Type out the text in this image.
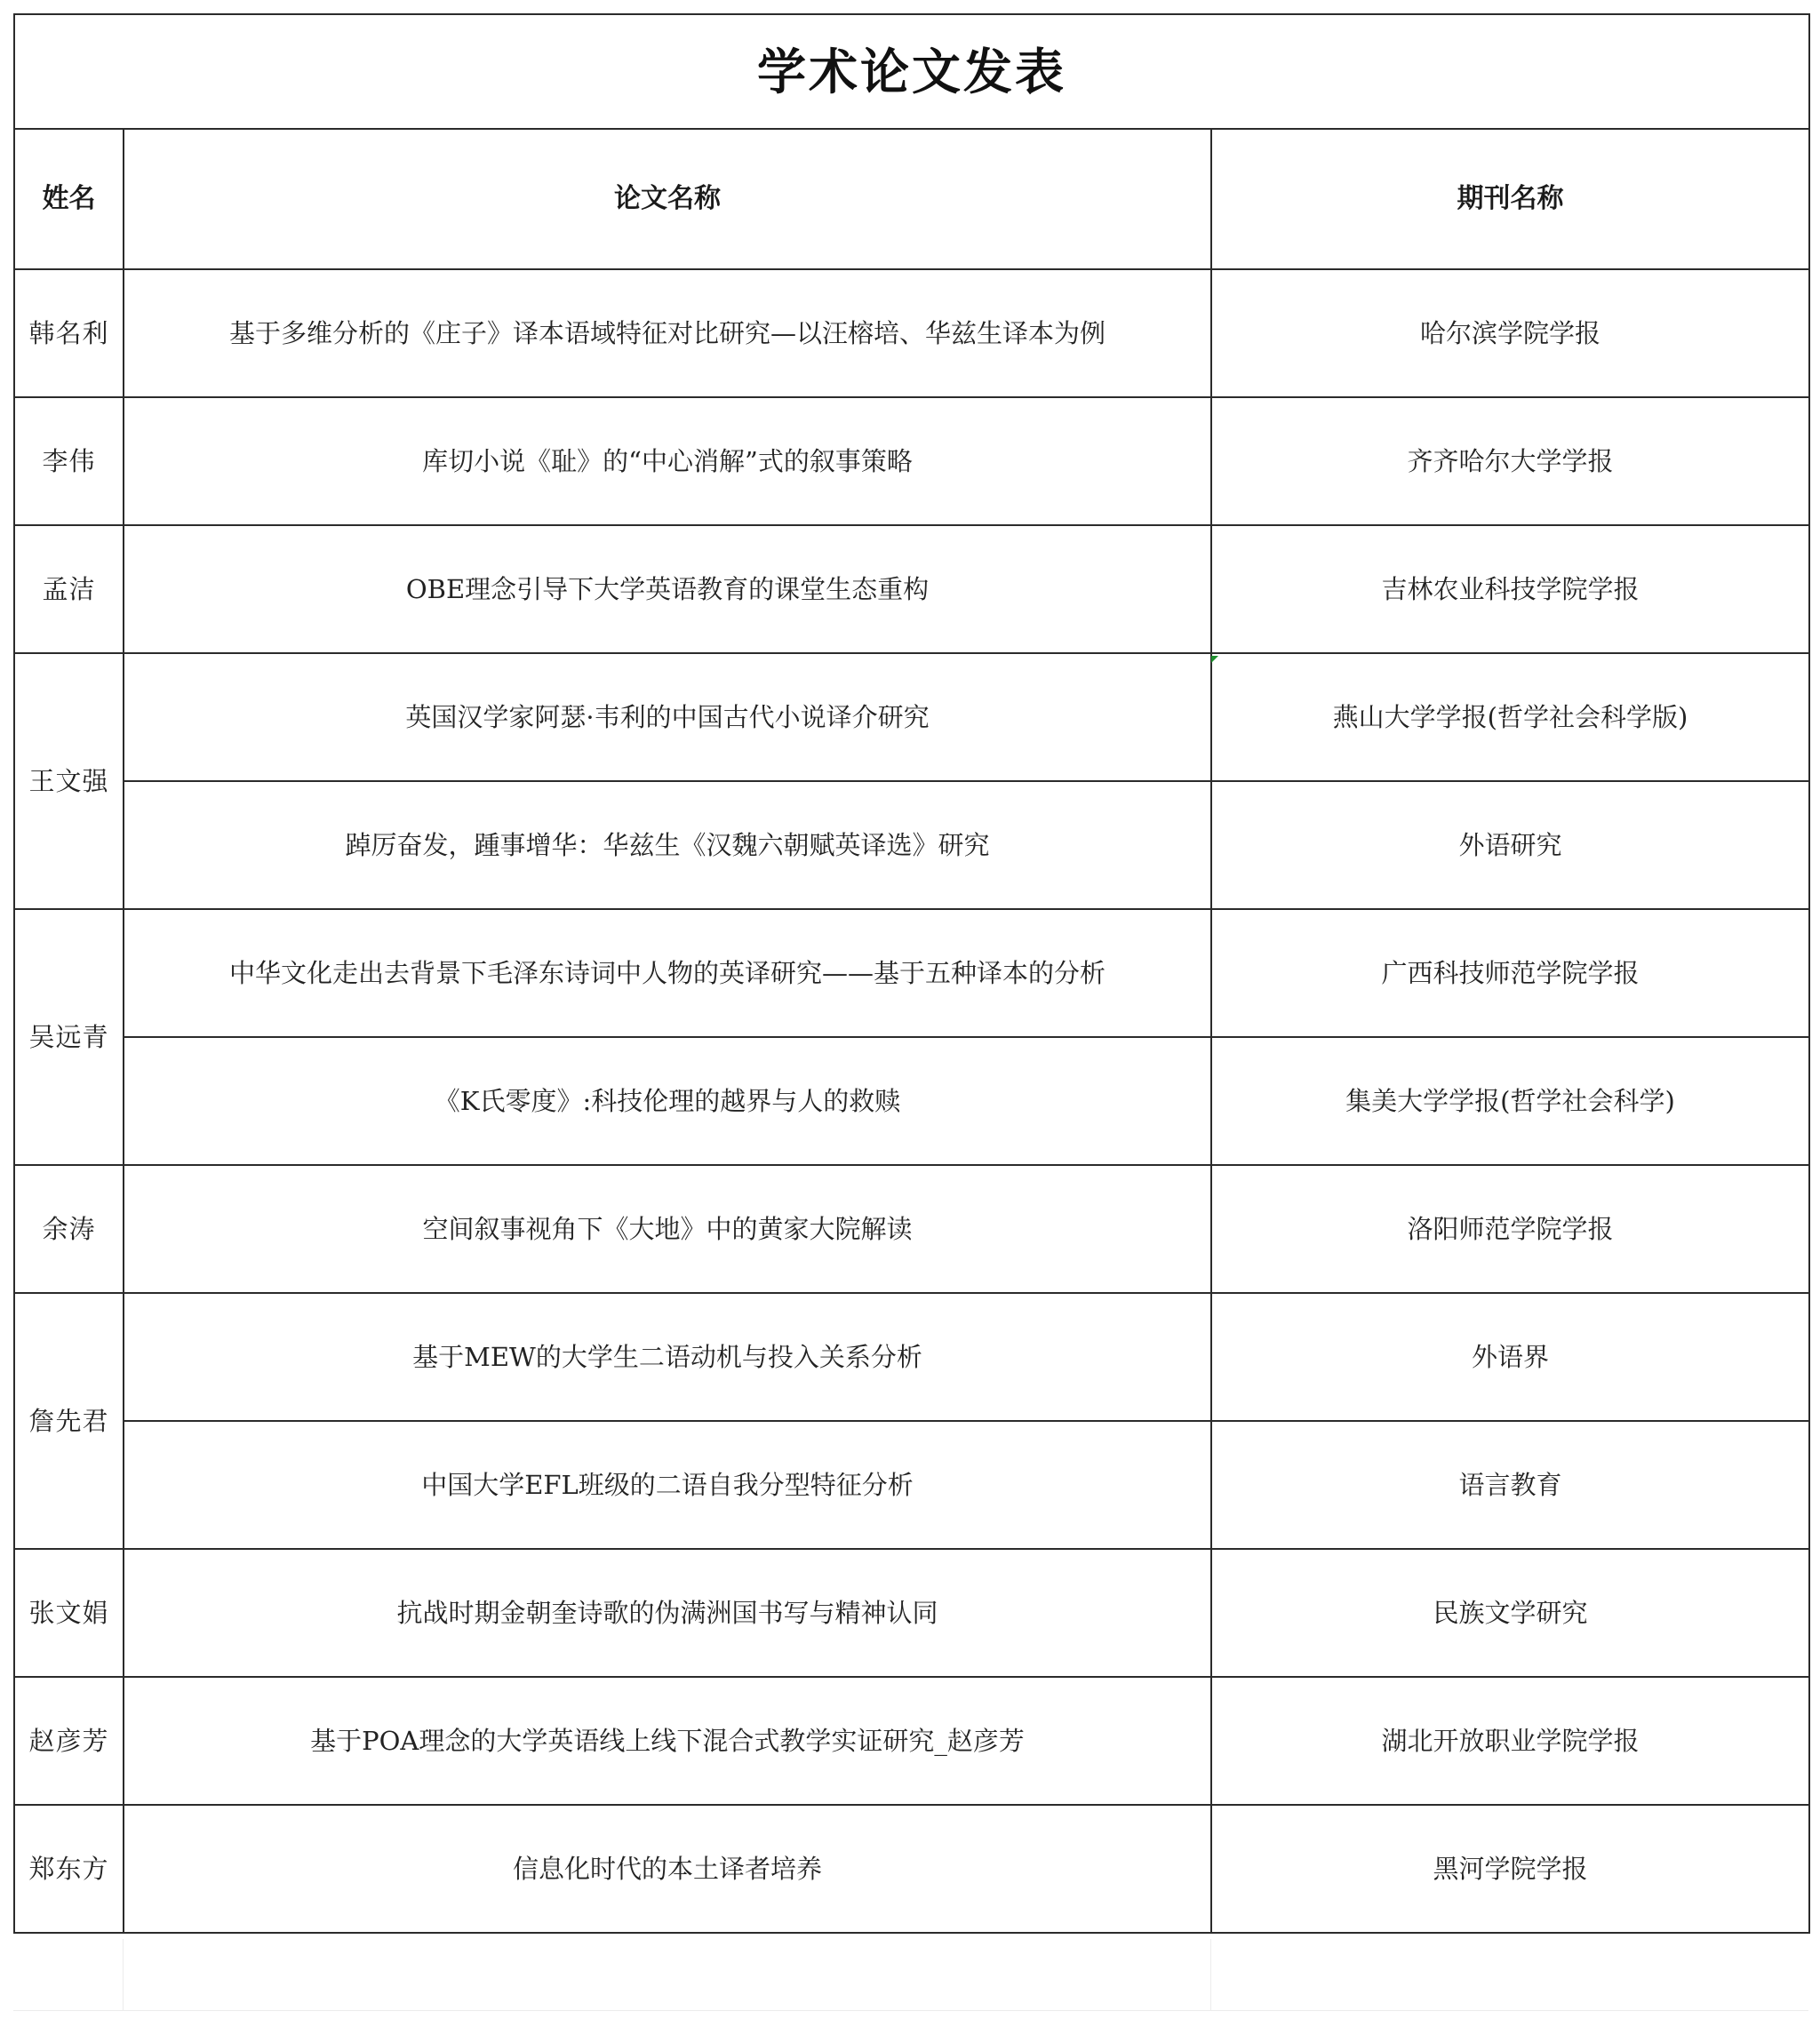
学术论文发表		
姓名	论文名称	期刊名称
韩名利	基于多维分析的《庄子》译本语域特征对比研究—以汪榕培、华兹生译本为例	哈尔滨学院学报
李伟	库切小说《耻》的“中心消解”式的叙事策略	齐齐哈尔大学学报
孟洁	OBE理念引导下大学英语教育的课堂生态重构	吉林农业科技学院学报
王文强	英国汉学家阿瑟·韦利的中国古代小说译介研究	燕山大学学报(哲学社会科学版)
	踔厉奋发，踵事增华：华兹生《汉魏六朝赋英译选》研究	外语研究
吴远青	中华文化走出去背景下毛泽东诗词中人物的英译研究——基于五种译本的分析	广西科技师范学院学报
	《K氏零度》:科技伦理的越界与人的救赎	集美大学学报(哲学社会科学)
余涛	空间叙事视角下《大地》中的黄家大院解读	洛阳师范学院学报
詹先君	基于MEW的大学生二语动机与投入关系分析	外语界
	中国大学EFL班级的二语自我分型特征分析	语言教育
张文娟	抗战时期金朝奎诗歌的伪满洲国书写与精神认同	民族文学研究
赵彦芳	基于POA理念的大学英语线上线下混合式教学实证研究_赵彦芳	湖北开放职业学院学报
郑东方	信息化时代的本土译者培养	黑河学院学报
